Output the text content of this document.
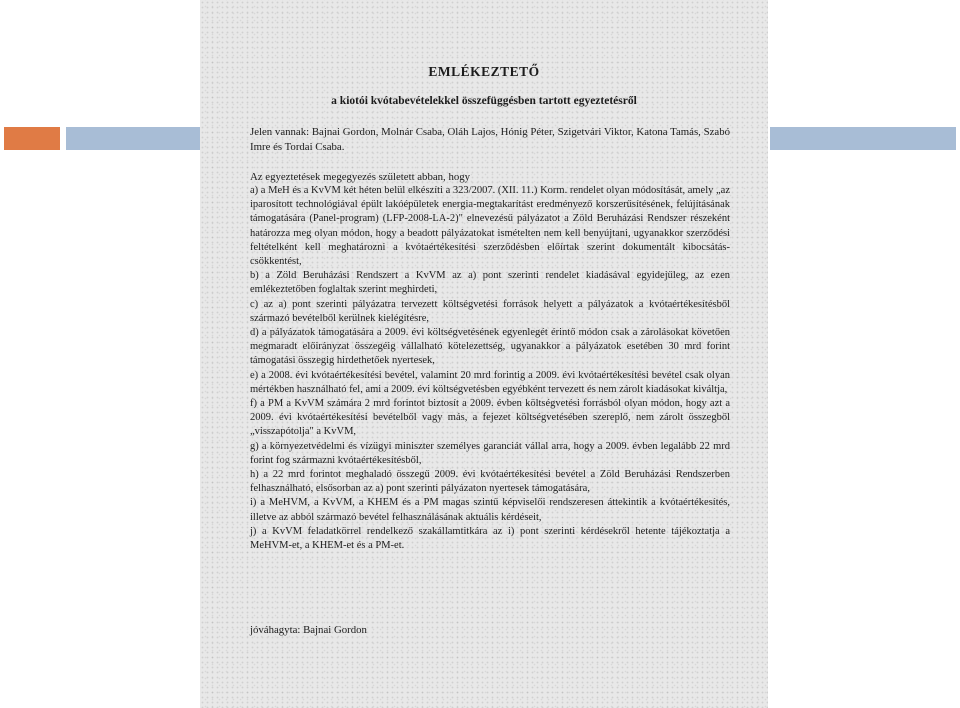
EMLÉKEZTETŐ
a kiotói kvótabevételekkel összefüggésben tartott egyeztetésről
Jelen vannak: Bajnai Gordon, Molnár Csaba, Oláh Lajos, Hónig Péter, Szigetvári Viktor, Katona Tamás, Szabó Imre és Tordai Csaba.
Az egyeztetések megegyezés született abban, hogy

a) a MeH és a KvVM két héten belül elkészíti a 323/2007. (XII. 11.) Korm. rendelet olyan módosítását, amely „az iparosított technológiával épült lakóépületek energia-megtakarítást eredményező korszerűsítésének, felújításának támogatására (Panel-program) (LFP-2008-LA-2)" elnevezésű pályázatot a Zöld Beruházási Rendszer részeként határozza meg olyan módon, hogy a beadott pályázatokat ismételten nem kell benyújtani, ugyanakkor szerződési feltételként kell meghatározni a kvótaértékesítési szerződésben előírtak szerint dokumentált kibocsátás-csökkentést,

b) a Zöld Beruházási Rendszert a KvVM az a) pont szerinti rendelet kiadásával egyidejűleg, az ezen emlékeztetőben foglaltak szerint meghirdeti,

c) az a) pont szerinti pályázatra tervezett költségvetési források helyett a pályázatok a kvótaértékesítésből származó bevételből kerülnek kielégítésre,

d) a pályázatok támogatására a 2009. évi költségvetésének egyenlegét érintő módon csak a zárolásokat követően megmaradt előirányzat összegéig vállalható kötelezettség, ugyanakkor a pályázatok esetében 30 mrd forint támogatási összegig hirdethetőek nyertesek,

e) a 2008. évi kvótaértékesítési bevétel, valamint 20 mrd forintig a 2009. évi kvótaértékesítési bevétel csak olyan mértékben használható fel, ami a 2009. évi költségvetésben egyébként tervezett és nem zárolt kiadásokat kiváltja,

f) a PM a KvVM számára 2 mrd forintot biztosít a 2009. évben költségvetési forrásból olyan módon, hogy azt a 2009. évi kvótaértékesítési bevételből vagy más, a fejezet költségvetésében szereplő, nem zárolt összegből „visszapótolja" a KvVM,

g) a környezetvédelmi és vízügyi miniszter személyes garanciát vállal arra, hogy a 2009. évben legalább 22 mrd forint fog származni kvótaértékesítésből,

h) a 22 mrd forintot meghaladó összegű 2009. évi kvótaértékesítési bevétel a Zöld Beruházási Rendszerben felhasználható, elsősorban az a) pont szerinti pályázaton nyertesek támogatására,

i) a MeHVM, a KvVM, a KHEM és a PM magas szintű képviselői rendszeresen áttekintik a kvótaértékesítés, illetve az abból származó bevétel felhasználásának aktuális kérdéseit,

j) a KvVM feladatkörrel rendelkező szakállamtitkára az i) pont szerinti kérdésekről hetente tájékoztatja a MeHVM-et, a KHEM-et és a PM-et.

jóváhagyta: Bajnai Gordon
